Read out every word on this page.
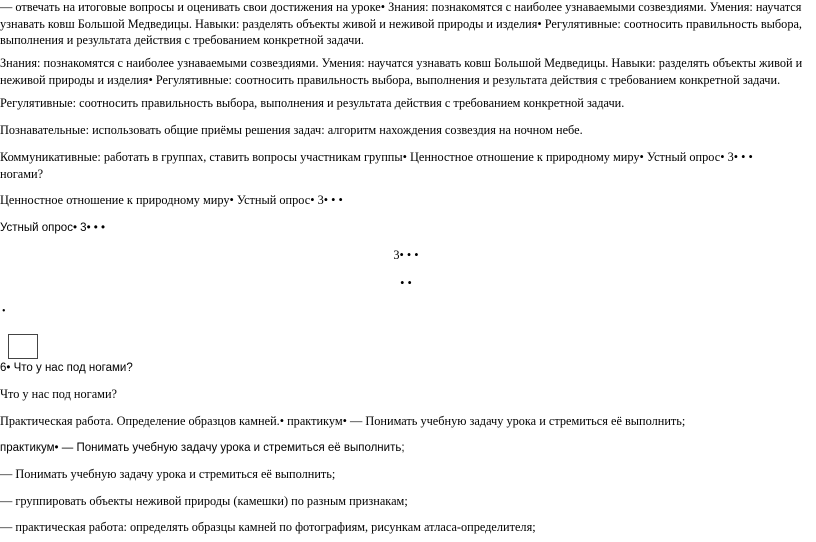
— отвечать на итоговые вопросы и оценивать свои достижения на уроке• Знания: познакомятся с наиболее узнаваемыми созвездиями. Умения: научатся узнавать ковш Большой Медведицы. Навыки: разделять объекты живой и неживой природы и изделия• Регулятивные: соотносить правильность выбора, выполнения и результата действия с требованием конкретной задачи.
Знания: познакомятся с наиболее узнаваемыми созвездиями. Умения: научатся узнавать ковш Большой Медведицы. Навыки: разделять объекты живой и неживой природы и изделия• Регулятивные: соотносить правильность выбора, выполнения и результата действия с требованием конкретной задачи.
Регулятивные: соотносить правильность выбора, выполнения и результата действия с требованием конкретной задачи.
Познавательные: использовать общие приёмы решения задач: алгоритм нахождения созвездия на ночном небе.
Коммуникативные: работать в группах, ставить вопросы участникам группы• Ценностное отношение к природному миру• Устный опрос• 3• • •
ногами?
Ценностное отношение к природному миру• Устный опрос• 3• • •
Устный опрос• 3• • •
3• • •
• •
•
6• Что у нас под ногами?
Что у нас под ногами?
Практическая работа. Определение образцов камней.• практикум• — Понимать учебную задачу урока и стремиться её выполнить;
практикум• — Понимать учебную задачу урока и стремиться её выполнить;
— Понимать учебную задачу урока и стремиться её выполнить;
— группировать объекты неживой природы (камешки) по разным признакам;
— практическая работа: определять образцы камней по фотографиям, рисункам атласа-определителя;
